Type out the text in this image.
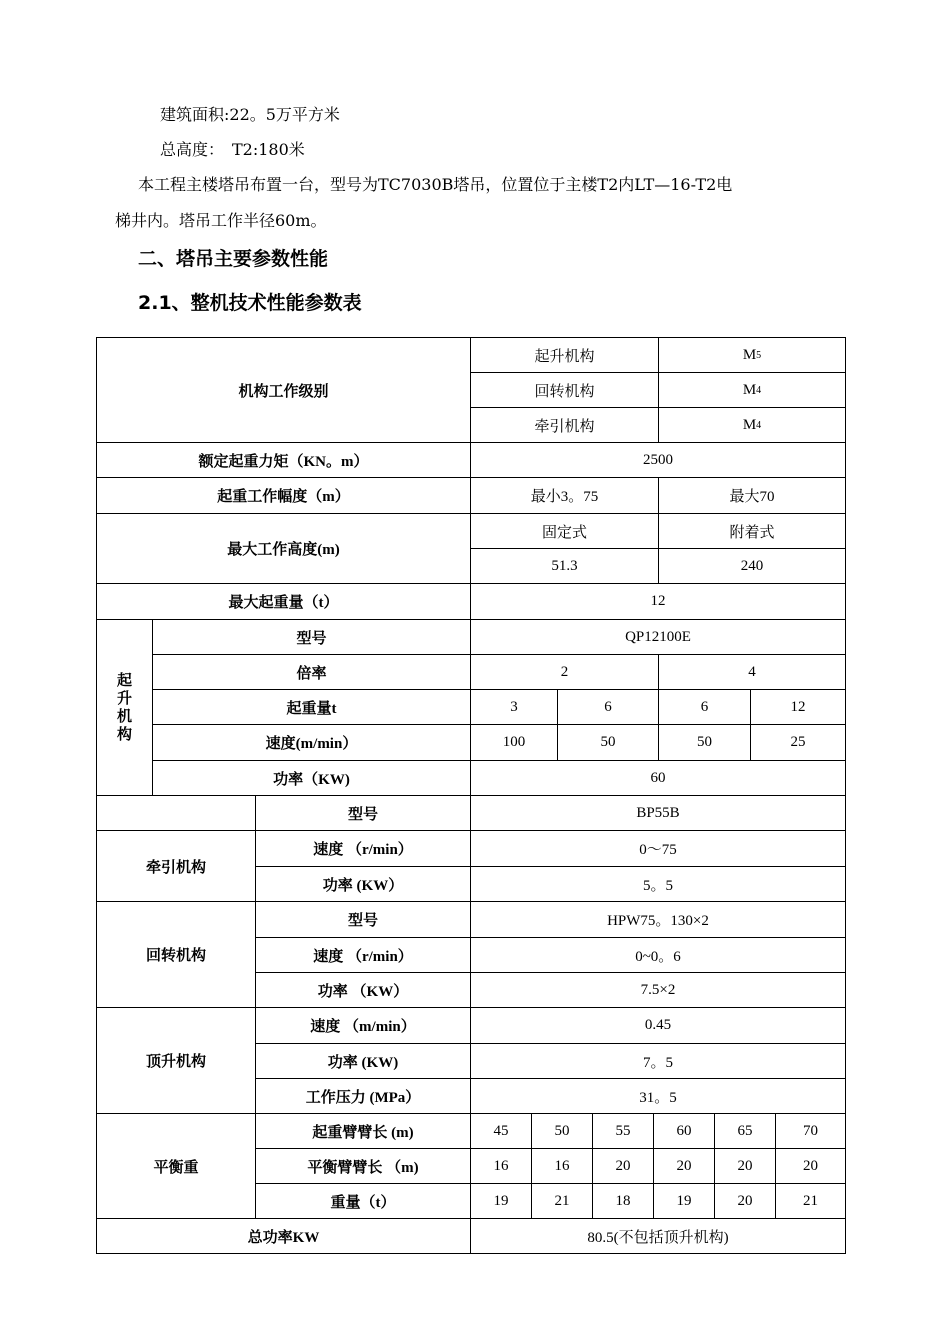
建筑面积:22。5万平方米
总高度：　T2:180米
本工程主楼塔吊布置一台，型号为TC7030B塔吊，位置位于主楼T2内LT—16-T2电
梯井内。塔吊工作半径60m。
二、塔吊主要参数性能
2.1、整机技术性能参数表
机构工作级别
起升机构	M 5
回转机构	M 4
牵引机构	M 4
额定起重力矩（KN。m）	2500
起重工作幅度（m）	最小3。75	最大70
最大工作高度(m)
固定式	附着式
51.3	240
最大起重量（t）	12
起
升
机
构
型号	QP12100E
倍率	2	4
起重量t	3	6	6	12
速度(m/min）	100	50	50	25
功率（KW)	60
牵引机构
型号	BP55B
速度 （r/min）	0～75
功率 (KW）	5。5
回转机构
型号	HPW75。130×2
速度 （r/min）	0~0。6
功率 （KW）	7.5×2
顶升机构
速度 （m/min）	0.45
功率 (KW)	7。5
工作压力 (MPa）	31。5
平衡重
起重臂臂长 (m)	45	50	55	60	65	70
平衡臂臂长 （m)	16	16	20	20	20	20
重量（t）	19	21	18	19	20	21
总功率KW	80.5(不包括顶升机构)
